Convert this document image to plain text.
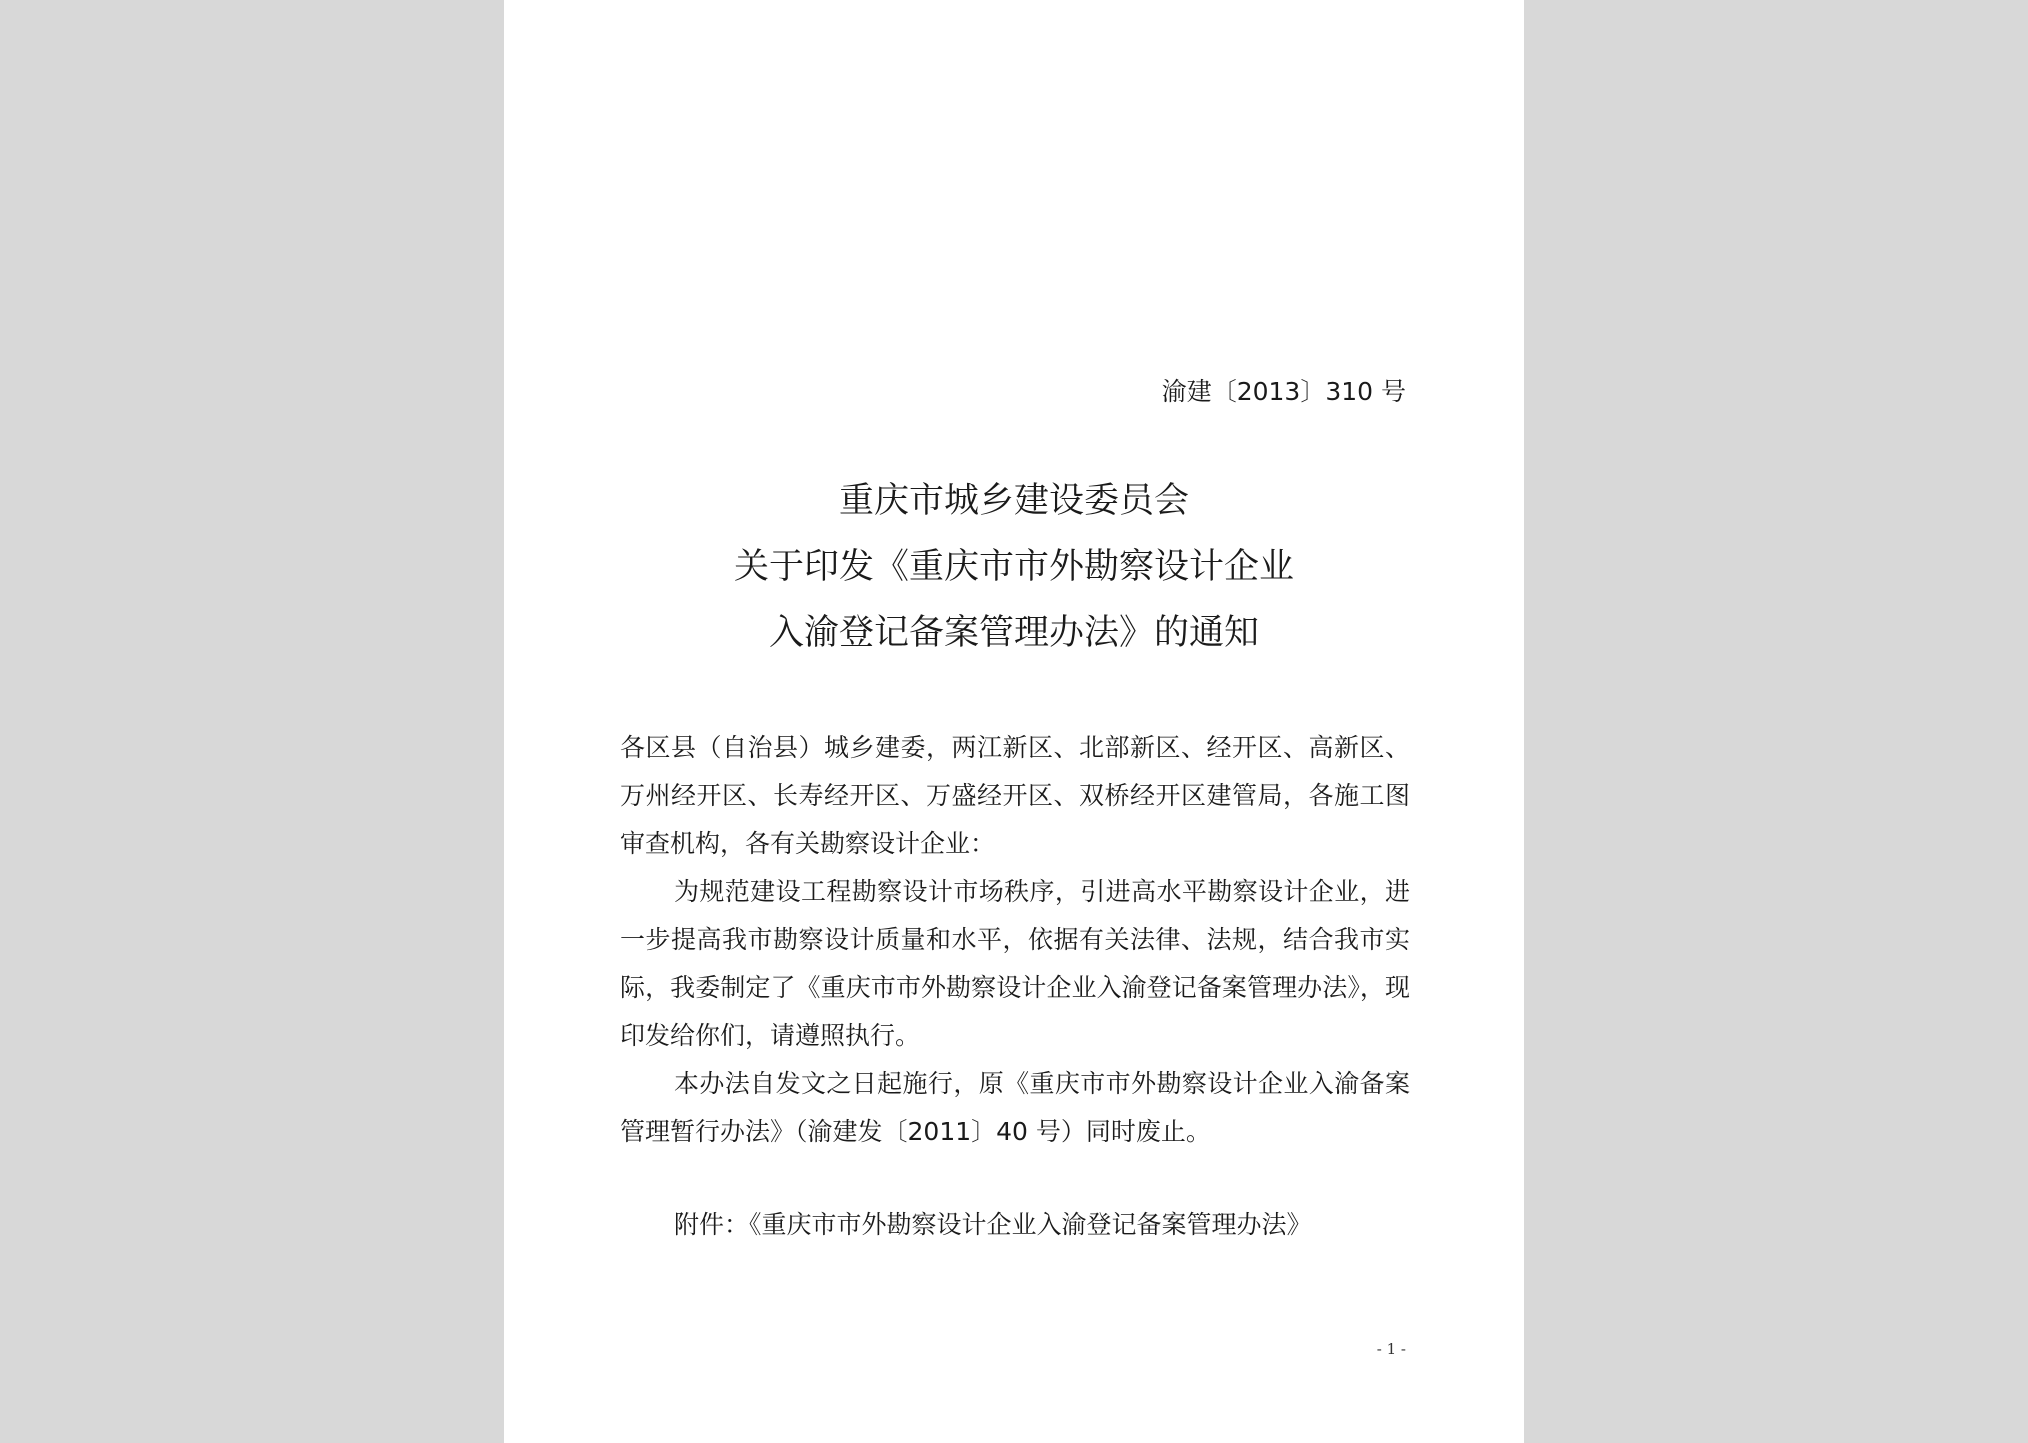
渝建〔2013〕310 号
重庆市城乡建设委员会
关于印发《重庆市市外勘察设计企业
入渝登记备案管理办法》的通知

各区县（自治县）城乡建委，两江新区、北部新区、经开区、高新区、万州经开区、长寿经开区、万盛经开区、双桥经开区建管局，各施工图审查机构，各有关勘察设计企业：

为规范建设工程勘察设计市场秩序，引进高水平勘察设计企业，进一步提高我市勘察设计质量和水平，依据有关法律、法规，结合我市实际，我委制定了《重庆市市外勘察设计企业入渝登记备案管理办法》，现印发给你们，请遵照执行。

本办法自发文之日起施行，原《重庆市市外勘察设计企业入渝备案管理暂行办法》（渝建发〔2011〕40 号）同时废止。

附件：《重庆市市外勘察设计企业入渝登记备案管理办法》
- 1 -
